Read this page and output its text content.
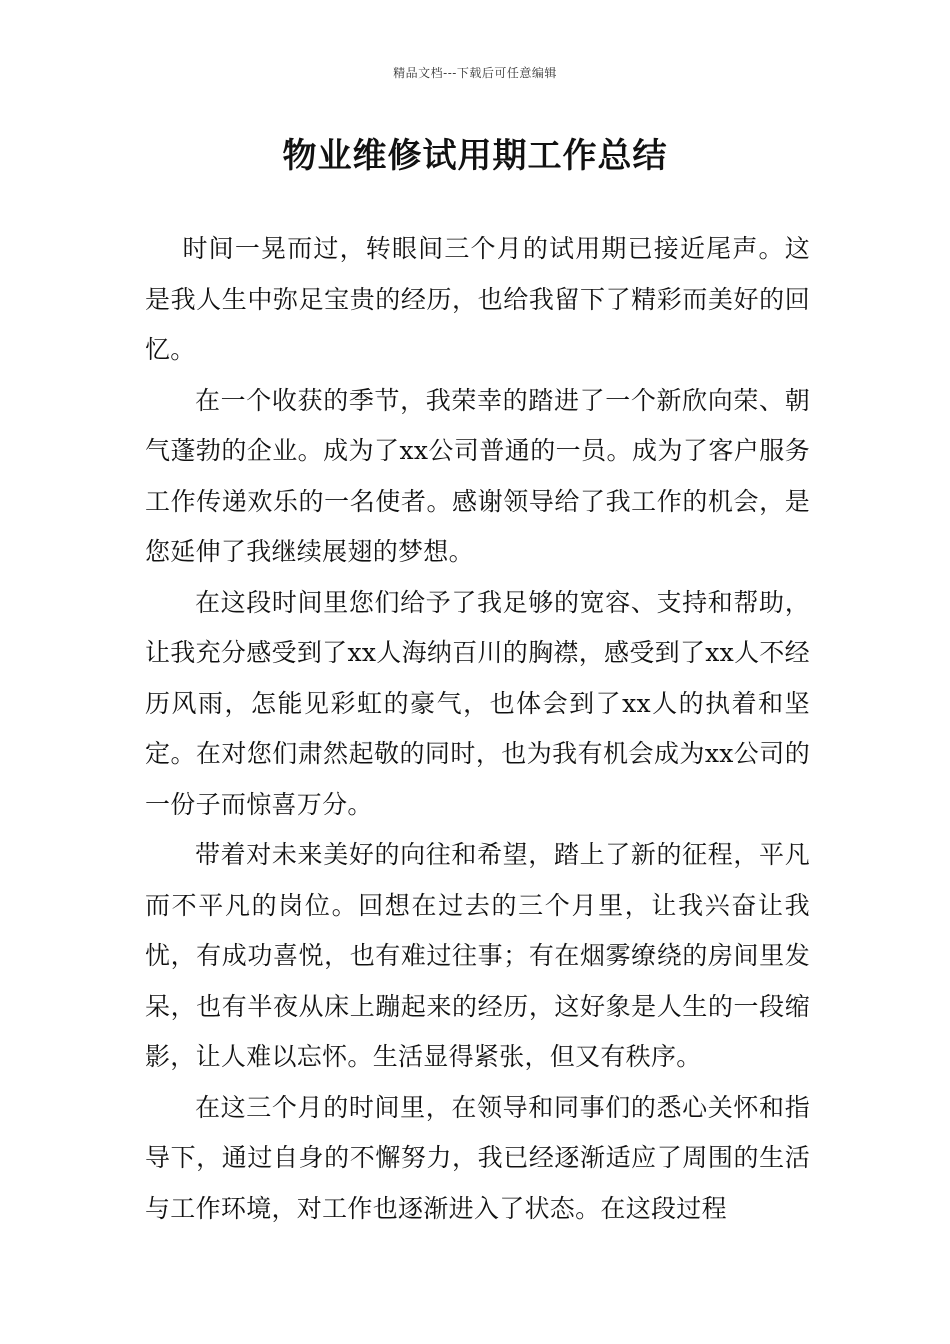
精品文档---下载后可任意编辑
物业维修试用期工作总结

时间一晃而过，转眼间三个月的试用期已接近尾声。这是我人生中弥足宝贵的经历，也给我留下了精彩而美好的回忆。

在一个收获的季节，我荣幸的踏进了一个新欣向荣、朝气蓬勃的企业。成为了xx公司普通的一员。成为了客户服务工作传递欢乐的一名使者。感谢领导给了我工作的机会，是您延伸了我继续展翅的梦想。

在这段时间里您们给予了我足够的宽容、支持和帮助，让我充分感受到了xx人海纳百川的胸襟，感受到了xx人不经历风雨，怎能见彩虹的豪气，也体会到了xx人的执着和坚定。在对您们肃然起敬的同时，也为我有机会成为xx公司的一份子而惊喜万分。

带着对未来美好的向往和希望，踏上了新的征程，平凡而不平凡的岗位。回想在过去的三个月里，让我兴奋让我忧，有成功喜悦，也有难过往事；有在烟雾缭绕的房间里发呆，也有半夜从床上蹦起来的经历，这好象是人生的一段缩影，让人难以忘怀。生活显得紧张，但又有秩序。

在这三个月的时间里，在领导和同事们的悉心关怀和指导下，通过自身的不懈努力，我已经逐渐适应了周围的生活与工作环境，对工作也逐渐进入了状态。在这段过程
